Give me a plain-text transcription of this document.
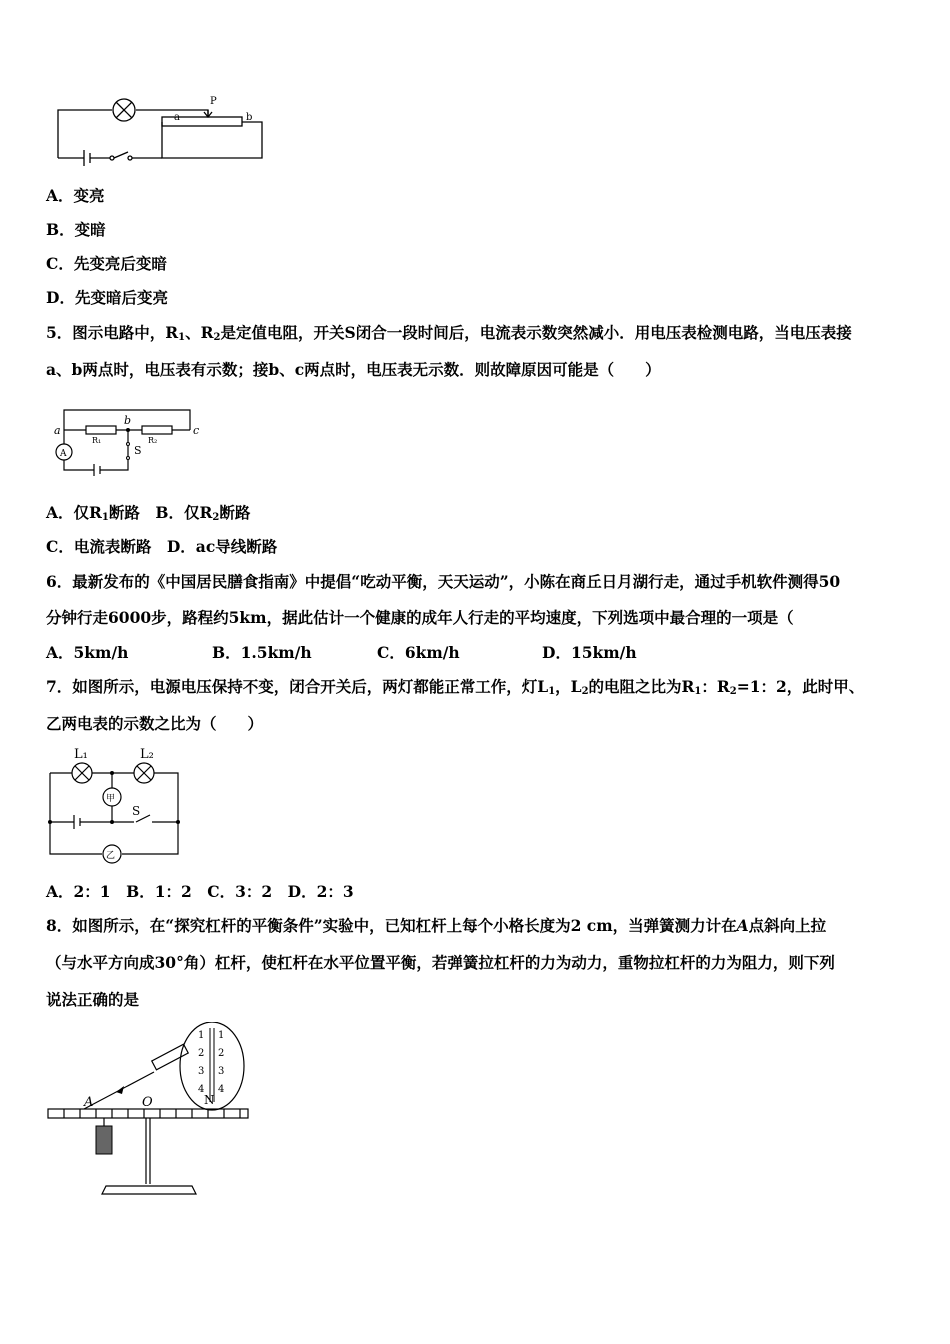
P
a	b
A．变亮
B．变暗
C．先变亮后变暗
D．先变暗后变亮
5．图示电路中，$R_1$、$R_2$是定值电阻，开关S闭合一段时间后，电流表示数突然减小．用电压表检测电路，当电压表接
a、b两点时，电压表有示数；接b、c两点时，电压表无示数．则故障原因可能是（　　）
a
b
c
R₁	R₂
S
A
A．仅$R_1$断路　B．仅$R_2$断路
C．电流表断路　D．ac导线断路
6．最新发布的《中国居民膳食指南》中提倡“吃动平衡，天天运动”，小陈在商丘日月湖行走，通过手机软件测得50
分钟行走6000步，路程约5km，据此估计一个健康的成年人行走的平均速度，下列选项中最合理的一项是（
A．5km/h	B．1.5km/h	C．6km/h	D．15km/h
7．如图所示，电源电压保持不变，闭合开关后，两灯都能正常工作，灯$L_1$，$L_2$的电阻之比为$R_1$：$R_2=1$：2，此时甲、
乙两电表的示数之比为（　　）
L₁	L₂
S
甲
乙
A．2：1　B．1：2　C．3：2　D．2：3
8．如图所示，在“探究杠杆的平衡条件”实验中，已知杠杆上每个小格长度为2 cm，当弹簧测力计在A点斜向上拉
（与水平方向成30°角）杠杆，使杠杆在水平位置平衡，若弹簧拉杠杆的力为动力，重物拉杠杆的力为阻力，则下列
说法正确的是
A	O	N
1
2
3
4
1
2
3
4
